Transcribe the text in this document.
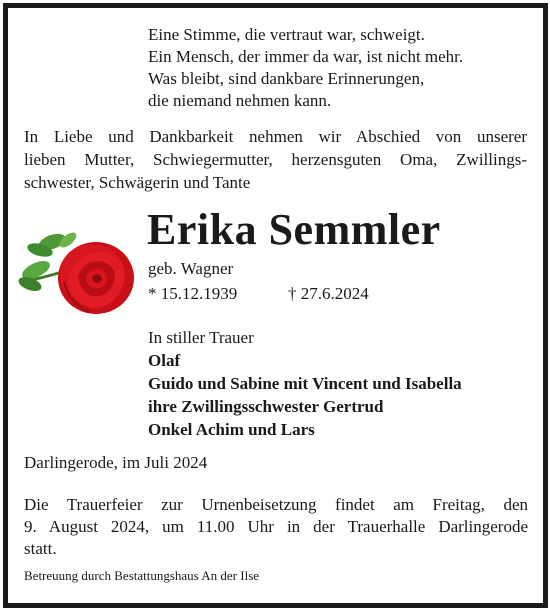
Eine Stimme, die vertraut war, schweigt.
Ein Mensch, der immer da war, ist nicht mehr.
Was bleibt, sind dankbare Erinnerungen,
die niemand nehmen kann.
In Liebe und Dankbarkeit nehmen wir Abschied von unserer
lieben Mutter, Schwiegermutter, herzensguten Oma, Zwillings-
schwester, Schwägerin und Tante
Erika Semmler
geb. Wagner
* 15.12.1939	† 27.6.2024
In stiller Trauer
Olaf
Guido und Sabine mit Vincent und Isabella
ihre Zwillingsschwester Gertrud
Onkel Achim und Lars
Darlingerode, im Juli 2024
Die Trauerfeier zur Urnenbeisetzung findet am Freitag, den
9. August 2024, um 11.00 Uhr in der Trauerhalle Darlingerode
statt.
Betreuung durch Bestattungshaus An der Ilse
